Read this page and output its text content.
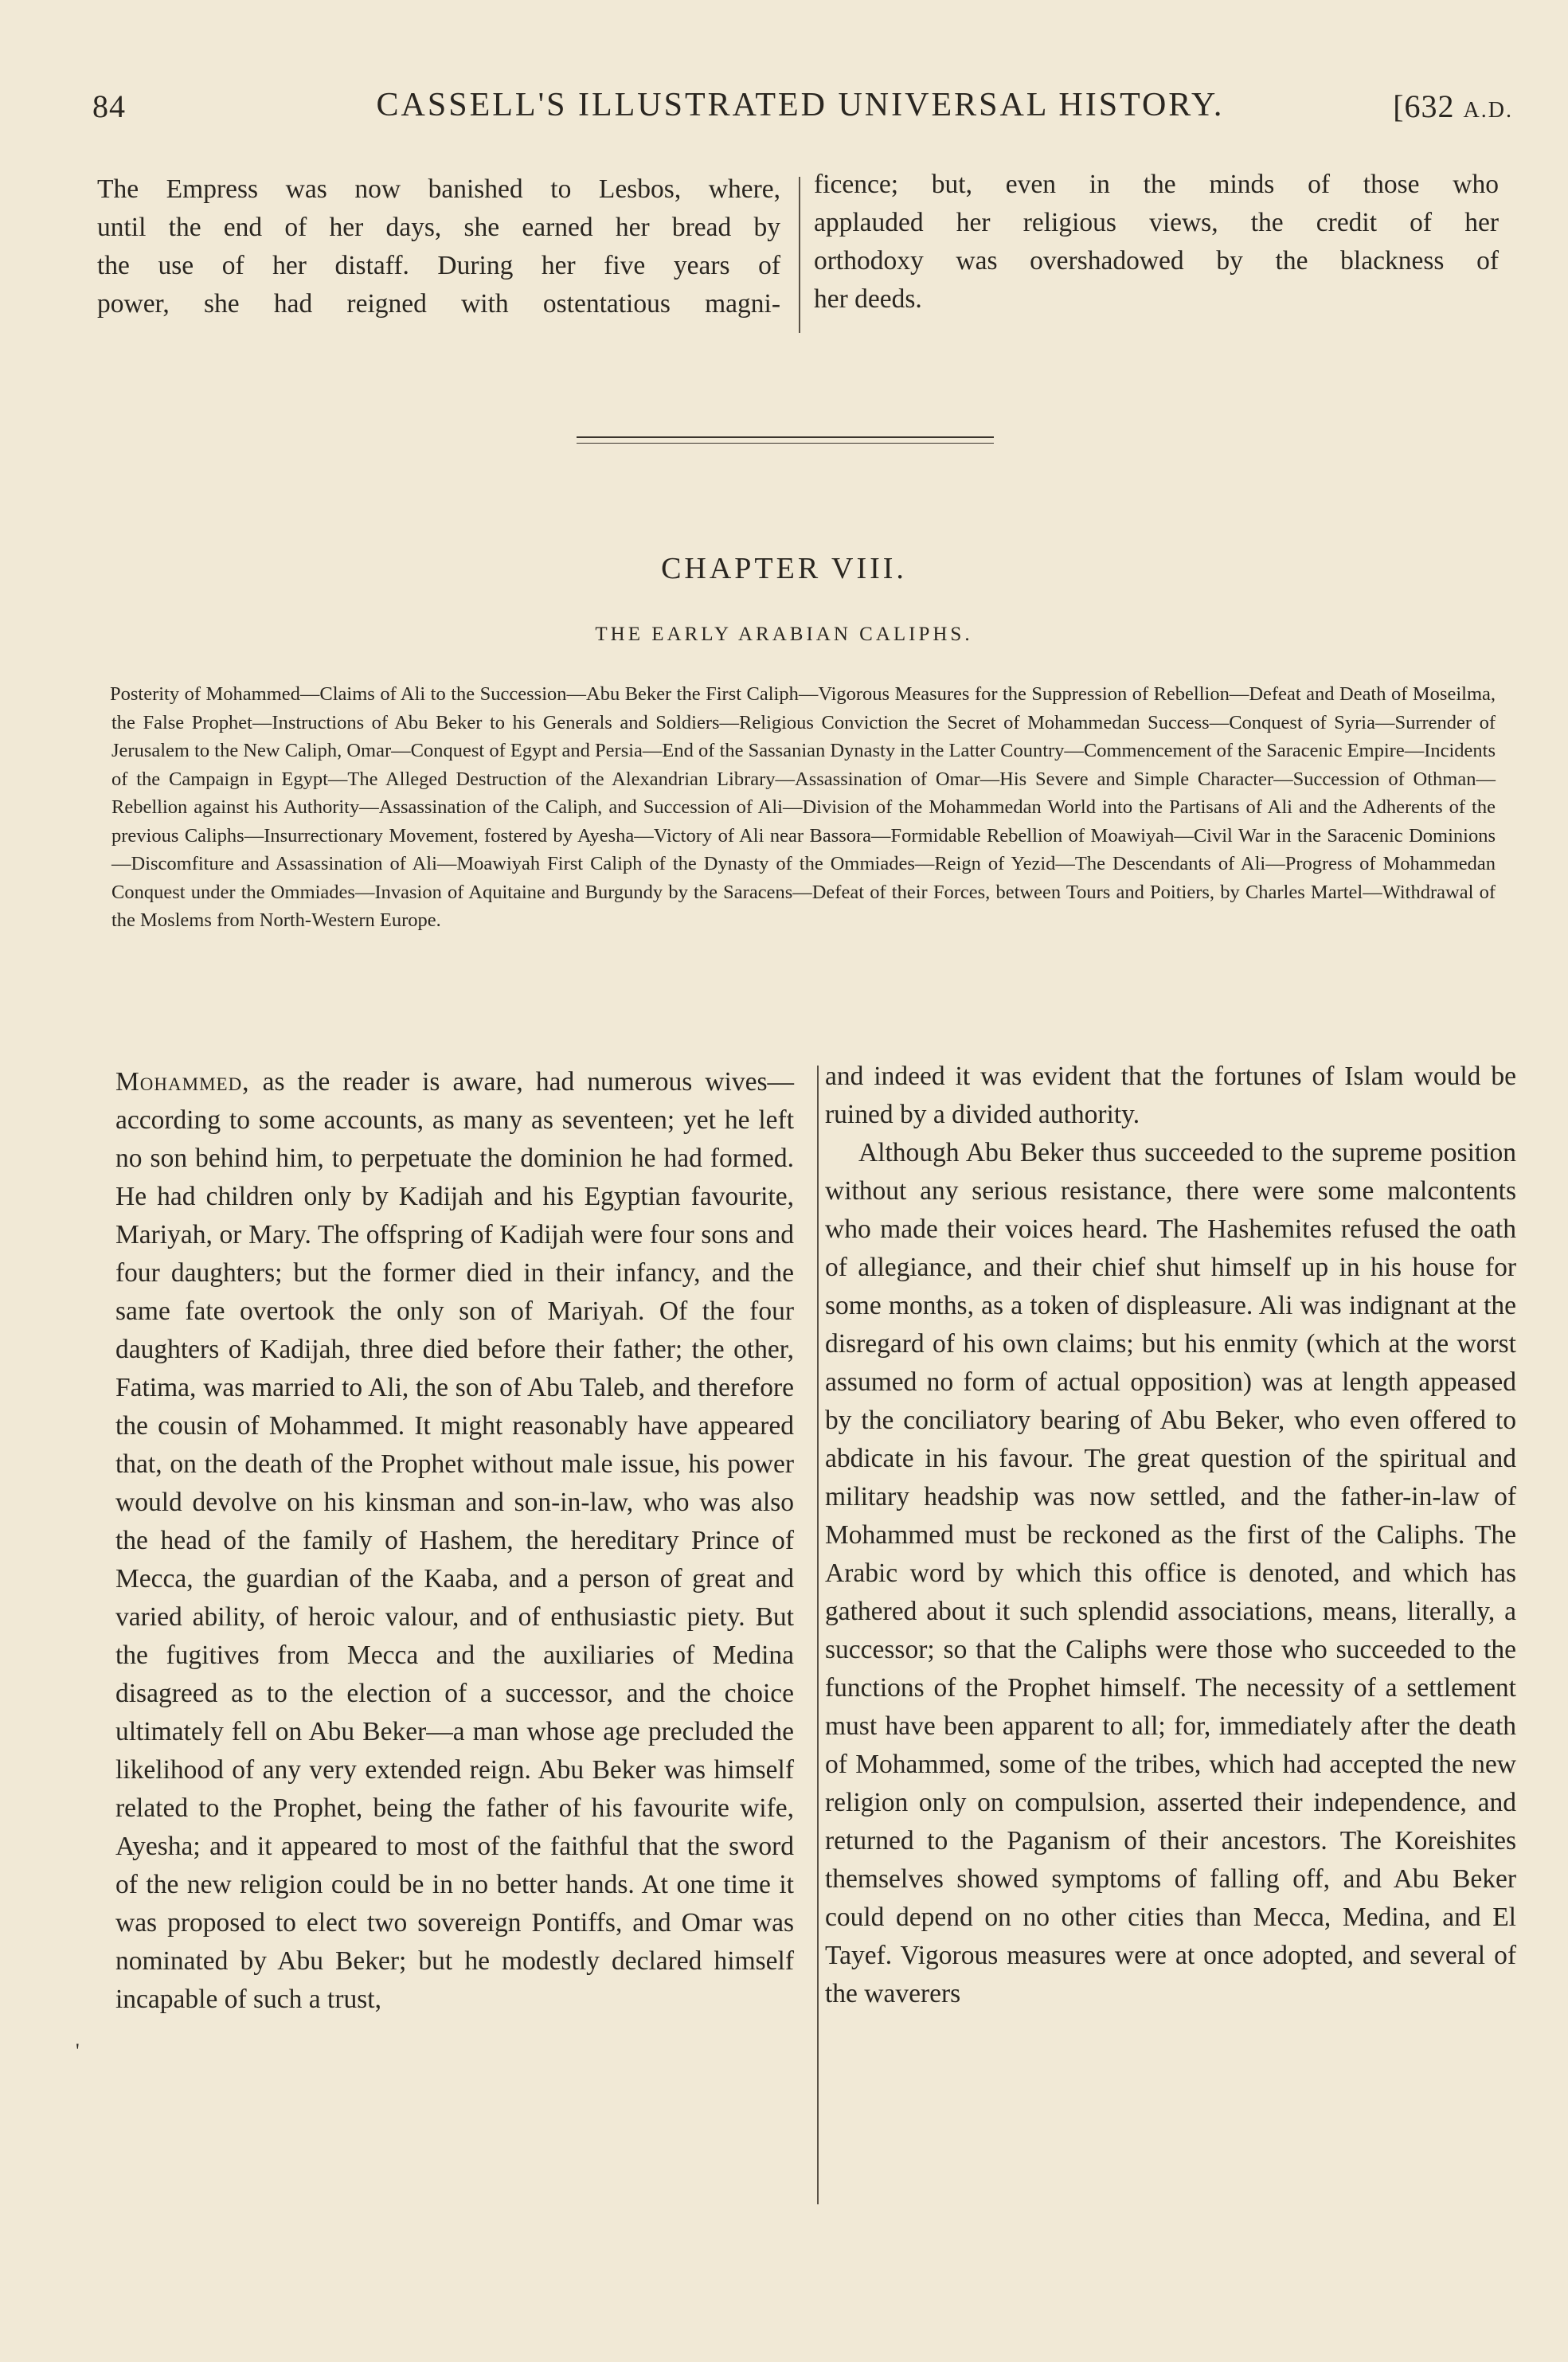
84	CASSELL'S ILLUSTRATED UNIVERSAL HISTORY.	[632 A.D.
The Empress was now banished to Lesbos, where,
until the end of her days, she earned her bread by
the use of her distaff. During her five years of
power, she had reigned with ostentatious magni-
ficence; but, even in the minds of those who
applauded her religious views, the credit of her
orthodoxy was overshadowed by the blackness of
her deeds.
CHAPTER VIII.
THE EARLY ARABIAN CALIPHS.
Posterity of Mohammed—Claims of Ali to the Succession—Abu Beker the First Caliph—Vigorous Measures for the Suppression of Rebellion—Defeat and Death of Moseilma, the False Prophet—Instructions of Abu Beker to his Generals and Soldiers—Religious Conviction the Secret of Mohammedan Success—Conquest of Syria—Surrender of Jerusalem to the New Caliph, Omar—Conquest of Egypt and Persia—End of the Sassanian Dynasty in the Latter Country—Commencement of the Saracenic Empire—Incidents of the Campaign in Egypt—The Alleged Destruction of the Alexandrian Library—Assassination of Omar—His Severe and Simple Character—Succession of Othman—Rebellion against his Authority—Assassination of the Caliph, and Succession of Ali—Division of the Mohammedan World into the Partisans of Ali and the Adherents of the previous Caliphs—Insurrectionary Movement, fostered by Ayesha—Victory of Ali near Bassora—Formidable Rebellion of Moawiyah—Civil War in the Saracenic Dominions—Discomfiture and Assassination of Ali—Moawiyah First Caliph of the Dynasty of the Ommiades—Reign of Yezid—The Descendants of Ali—Progress of Mohammedan Conquest under the Ommiades—Invasion of Aquitaine and Burgundy by the Saracens—Defeat of their Forces, between Tours and Poitiers, by Charles Martel—Withdrawal of the Moslems from North-Western Europe.

Mohammed, as the reader is aware, had numerous wives—according to some accounts, as many as seventeen; yet he left no son behind him, to perpetuate the dominion he had formed. He had children only by Kadijah and his Egyptian favourite, Mariyah, or Mary. The offspring of Kadijah were four sons and four daughters; but the former died in their infancy, and the same fate overtook the only son of Mariyah. Of the four daughters of Kadijah, three died before their father; the other, Fatima, was married to Ali, the son of Abu Taleb, and therefore the cousin of Mohammed. It might reasonably have appeared that, on the death of the Prophet without male issue, his power would devolve on his kinsman and son-in-law, who was also the head of the family of Hashem, the hereditary Prince of Mecca, the guardian of the Kaaba, and a person of great and varied ability, of heroic valour, and of enthusiastic piety. But the fugitives from Mecca and the auxiliaries of Medina disagreed as to the election of a successor, and the choice ultimately fell on Abu Beker—a man whose age precluded the likelihood of any very extended reign. Abu Beker was himself related to the Prophet, being the father of his favourite wife, Ayesha; and it appeared to most of the faithful that the sword of the new religion could be in no better hands. At one time it was proposed to elect two sovereign Pontiffs, and Omar was nominated by Abu Beker; but he modestly declared himself incapable of such a trust,

'

and indeed it was evident that the fortunes of Islam would be ruined by a divided authority.

Although Abu Beker thus succeeded to the supreme position without any serious resistance, there were some malcontents who made their voices heard. The Hashemites refused the oath of allegiance, and their chief shut himself up in his house for some months, as a token of displeasure. Ali was indignant at the disregard of his own claims; but his enmity (which at the worst assumed no form of actual opposition) was at length appeased by the conciliatory bearing of Abu Beker, who even offered to abdicate in his favour. The great question of the spiritual and military headship was now settled, and the father-in-law of Mohammed must be reckoned as the first of the Caliphs. The Arabic word by which this office is denoted, and which has gathered about it such splendid associations, means, literally, a successor; so that the Caliphs were those who succeeded to the functions of the Prophet himself. The necessity of a settlement must have been apparent to all; for, immediately after the death of Mohammed, some of the tribes, which had accepted the new religion only on compulsion, asserted their independence, and returned to the Paganism of their ancestors. The Koreishites themselves showed symptoms of falling off, and Abu Beker could depend on no other cities than Mecca, Medina, and El Tayef. Vigorous measures were at once adopted, and several of the waverers
